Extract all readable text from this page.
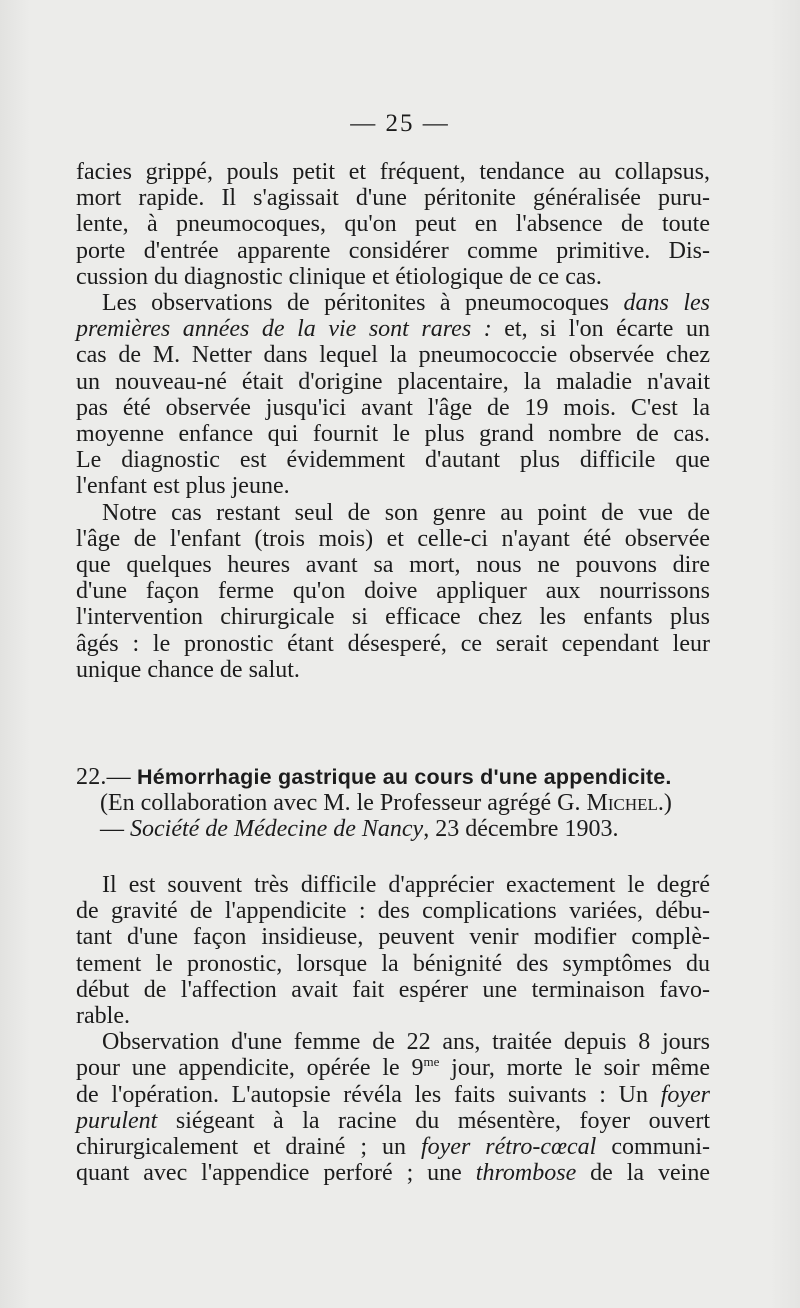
— 25 —
facies grippé, pouls petit et fréquent, tendance au collapsus,
mort rapide. Il s'agissait d'une péritonite généralisée puru-
lente, à pneumocoques, qu'on peut en l'absence de toute
porte d'entrée apparente considérer comme primitive. Dis-
cussion du diagnostic clinique et étiologique de ce cas.
Les observations de péritonites à pneumocoques dans les
premières années de la vie sont rares : et, si l'on écarte un
cas de M. Netter dans lequel la pneumococcie observée chez
un nouveau-né était d'origine placentaire, la maladie n'avait
pas été observée jusqu'ici avant l'âge de 19 mois. C'est la
moyenne enfance qui fournit le plus grand nombre de cas.
Le diagnostic est évidemment d'autant plus difficile que
l'enfant est plus jeune.
Notre cas restant seul de son genre au point de vue de
l'âge de l'enfant (trois mois) et celle-ci n'ayant été observée
que quelques heures avant sa mort, nous ne pouvons dire
d'une façon ferme qu'on doive appliquer aux nourrissons
l'intervention chirurgicale si efficace chez les enfants plus
âgés : le pronostic étant désesperé, ce serait cependant leur
unique chance de salut.
22.— Hémorrhagie gastrique au cours d'une appendicite.
(En collaboration avec M. le Professeur agrégé G. Michel.)
— Société de Médecine de Nancy, 23 décembre 1903.
Il est souvent très difficile d'apprécier exactement le degré
de gravité de l'appendicite : des complications variées, débu-
tant d'une façon insidieuse, peuvent venir modifier complè-
tement le pronostic, lorsque la bénignité des symptômes du
début de l'affection avait fait espérer une terminaison favo-
rable.
Observation d'une femme de 22 ans, traitée depuis 8 jours
pour une appendicite, opérée le $9^{me}$ jour, morte le soir même
de l'opération. L'autopsie révéla les faits suivants : Un foyer
purulent siégeant à la racine du mésentère, foyer ouvert
chirurgicalement et drainé ; un foyer rétro-cœcal communi-
quant avec l'appendice perforé ; une thrombose de la veine
